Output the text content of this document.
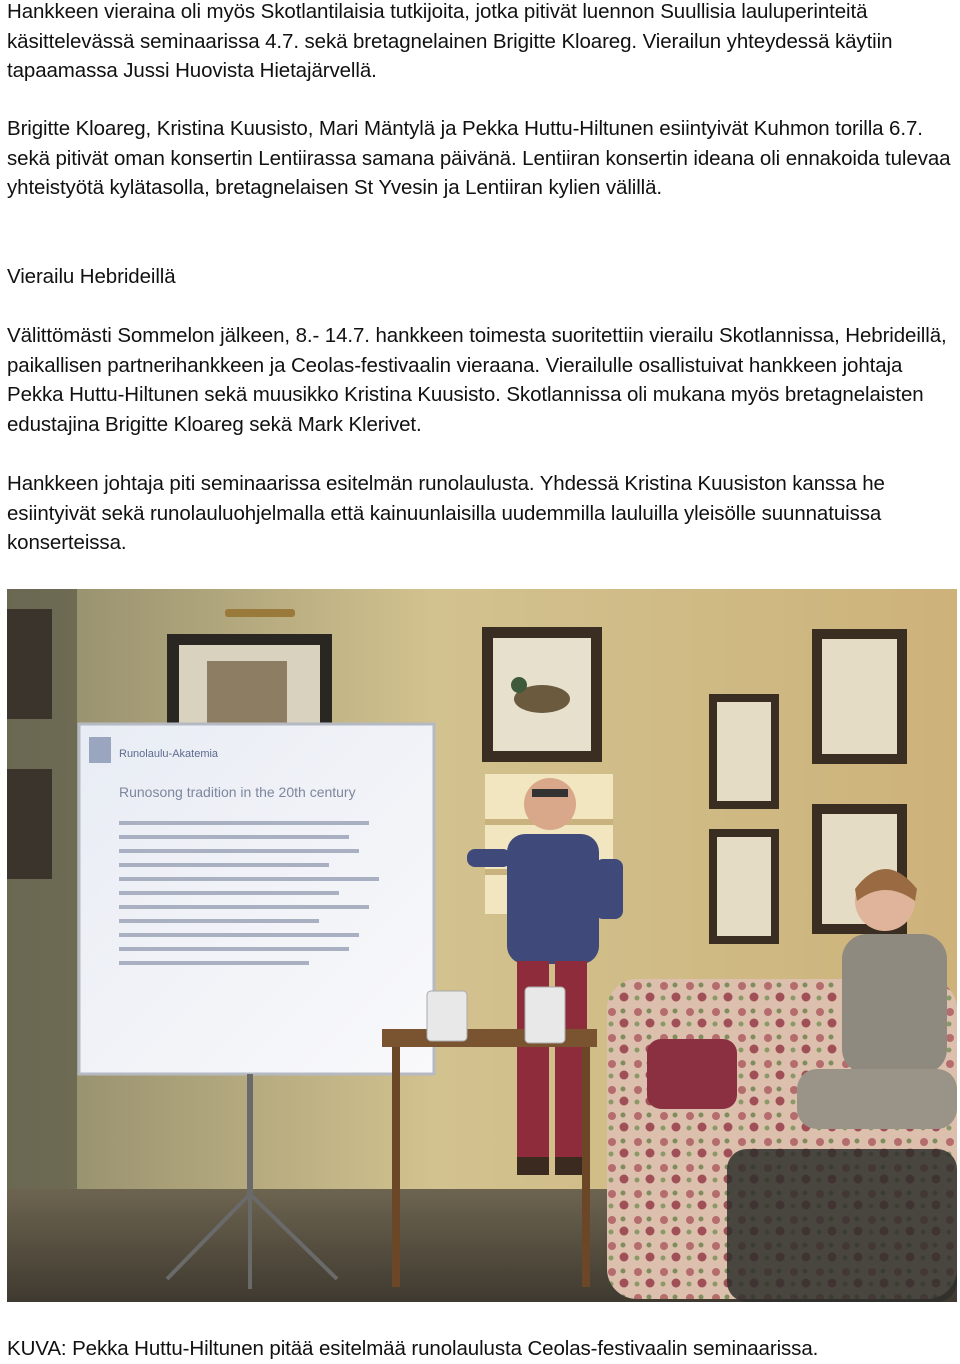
Hankkeen vieraina oli myös Skotlantilaisia tutkijoita, jotka pitivät luennon Suullisia lauluperinteitä käsittelevässä seminaarissa 4.7. sekä bretagnelainen Brigitte Kloareg. Vierailun yhteydessä käytiin tapaamassa Jussi Huovista Hietajärvellä.

Brigitte Kloareg, Kristina Kuusisto, Mari Mäntylä ja Pekka Huttu-Hiltunen esiintyivät Kuhmon torilla 6.7. sekä pitivät oman konsertin Lentiirassa samana päivänä. Lentiiran konsertin ideana oli ennakoida tulevaa yhteistyötä kylätasolla, bretagnelaisen St Yvesin ja Lentiiran kylien välillä.

Vierailu Hebrideillä

Välittömästi Sommelon jälkeen, 8.- 14.7. hankkeen toimesta suoritettiin vierailu Skotlannissa, Hebrideillä, paikallisen partnerihankkeen ja Ceolas-festivaalin vieraana. Vierailulle osallistuivat hankkeen johtaja Pekka Huttu-Hiltunen sekä muusikko Kristina Kuusisto. Skotlannissa oli mukana myös bretagnelaisten edustajina Brigitte Kloareg sekä Mark Klerivet.

Hankkeen johtaja piti seminaarissa esitelmän runolaulusta. Yhdessä Kristina Kuusiston kanssa he esiintyivät sekä runolauluohjelmalla että kainuunlaisilla uudemmilla lauluilla yleisölle suunnatuissa konserteissa.

Runolaulu-Akatemia
Runosong tradition in the 20th century

KUVA: Pekka Huttu-Hiltunen pitää esitelmää runolaulusta Ceolas-festivaalin seminaarissa.
